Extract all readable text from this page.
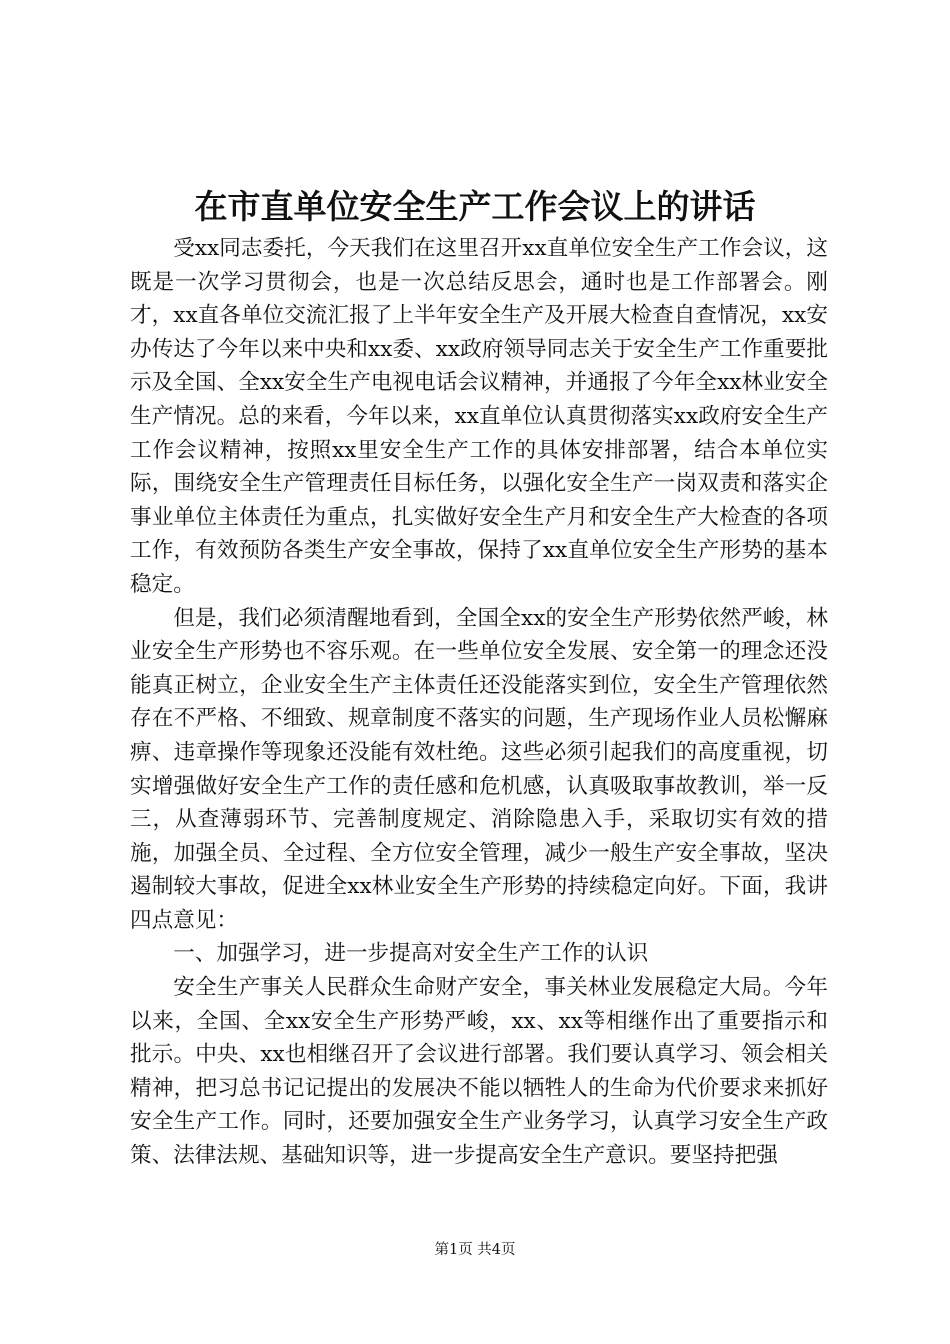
在市直单位安全生产工作会议上的讲话

受xx同志委托，今天我们在这里召开xx直单位安全生产工作会议，这既是一次学习贯彻会，也是一次总结反思会，通时也是工作部署会。刚才，xx直各单位交流汇报了上半年安全生产及开展大检查自查情况，xx安办传达了今年以来中央和xx委、xx政府领导同志关于安全生产工作重要批示及全国、全xx安全生产电视电话会议精神，并通报了今年全xx林业安全生产情况。总的来看，今年以来，xx直单位认真贯彻落实xx政府安全生产工作会议精神，按照xx里安全生产工作的具体安排部署，结合本单位实际，围绕安全生产管理责任目标任务，以强化安全生产一岗双责和落实企事业单位主体责任为重点，扎实做好安全生产月和安全生产大检查的各项工作，有效预防各类生产安全事故，保持了xx直单位安全生产形势的基本稳定。

但是，我们必须清醒地看到，全国全xx的安全生产形势依然严峻，林业安全生产形势也不容乐观。在一些单位安全发展、安全第一的理念还没能真正树立，企业安全生产主体责任还没能落实到位，安全生产管理依然存在不严格、不细致、规章制度不落实的问题，生产现场作业人员松懈麻痹、违章操作等现象还没能有效杜绝。这些必须引起我们的高度重视，切实增强做好安全生产工作的责任感和危机感，认真吸取事故教训，举一反三，从查薄弱环节、完善制度规定、消除隐患入手，采取切实有效的措施，加强全员、全过程、全方位安全管理，减少一般生产安全事故，坚决遏制较大事故，促进全xx林业安全生产形势的持续稳定向好。下面，我讲四点意见：

一、加强学习，进一步提高对安全生产工作的认识

安全生产事关人民群众生命财产安全，事关林业发展稳定大局。今年以来，全国、全xx安全生产形势严峻，xx、xx等相继作出了重要指示和批示。中央、xx也相继召开了会议进行部署。我们要认真学习、领会相关精神，把习总书记记提出的发展决不能以牺牲人的生命为代价要求来抓好安全生产工作。同时，还要加强安全生产业务学习，认真学习安全生产政策、法律法规、基础知识等，进一步提高安全生产意识。要坚持把强

第1页 共4页
